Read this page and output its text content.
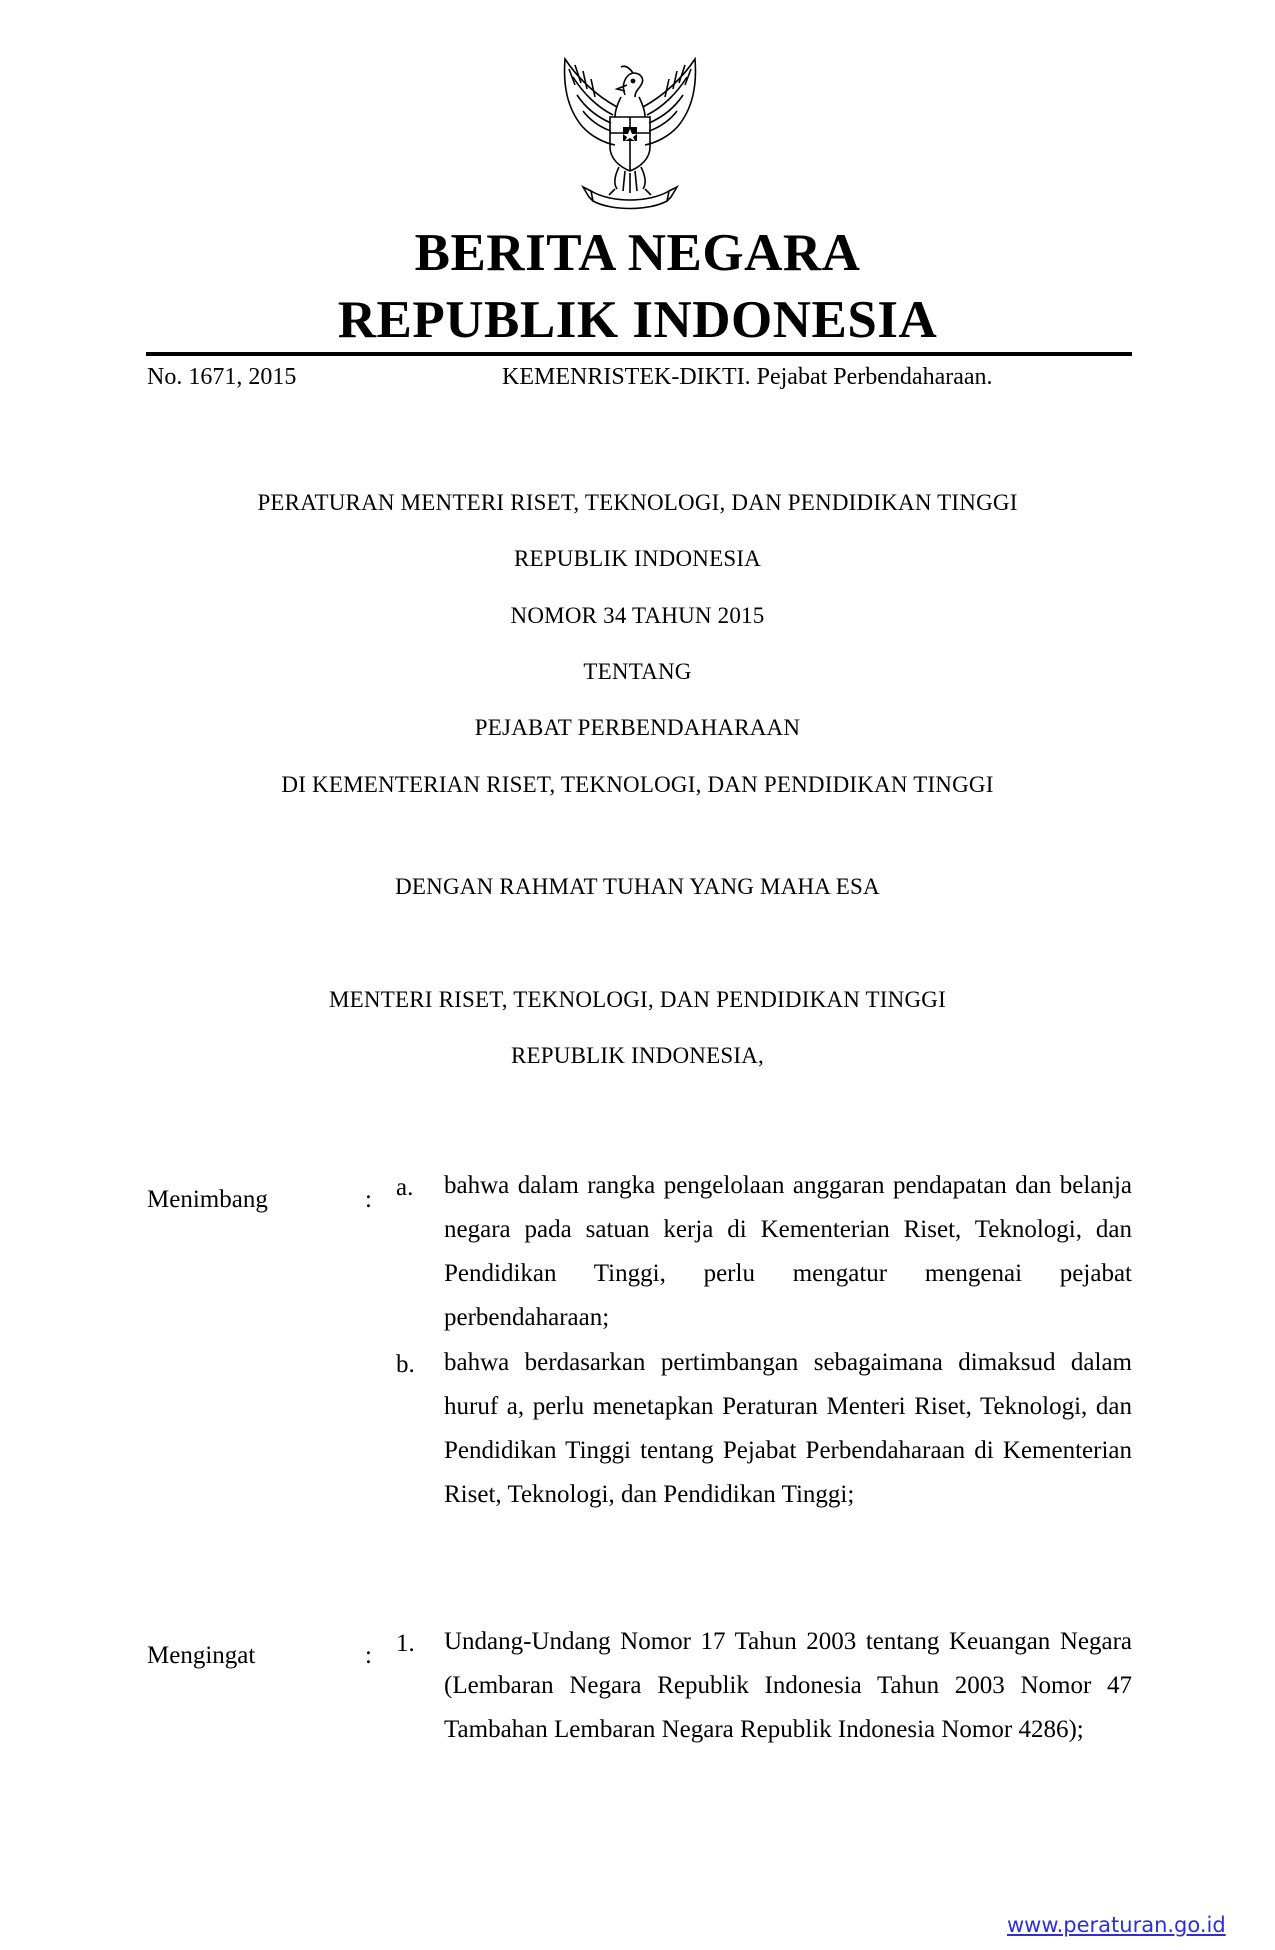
BERITA NEGARA
REPUBLIK INDONESIA
No. 1671, 2015	KEMENRISTEK-DIKTI. Pejabat Perbendaharaan.
PERATURAN MENTERI RISET, TEKNOLOGI, DAN PENDIDIKAN TINGGI
REPUBLIK INDONESIA
NOMOR 34 TAHUN 2015
TENTANG
PEJABAT PERBENDAHARAAN
DI KEMENTERIAN RISET, TEKNOLOGI, DAN PENDIDIKAN TINGGI
DENGAN RAHMAT TUHAN YANG MAHA ESA
MENTERI RISET, TEKNOLOGI, DAN PENDIDIKAN TINGGI
REPUBLIK INDONESIA,
Menimbang	: a. bahwa dalam rangka pengelolaan anggaran pendapatan dan belanja negara pada satuan kerja di Kementerian Riset, Teknologi, dan Pendidikan Tinggi, perlu mengatur mengenai pejabat perbendaharaan;
b. bahwa berdasarkan pertimbangan sebagaimana dimaksud dalam huruf a, perlu menetapkan Peraturan Menteri Riset, Teknologi, dan Pendidikan Tinggi tentang Pejabat Perbendaharaan di Kementerian Riset, Teknologi, dan Pendidikan Tinggi;
Mengingat	: 1. Undang-Undang Nomor 17 Tahun 2003 tentang Keuangan Negara (Lembaran Negara Republik Indonesia Tahun 2003 Nomor 47 Tambahan Lembaran Negara Republik Indonesia Nomor 4286);
www.peraturan.go.id
